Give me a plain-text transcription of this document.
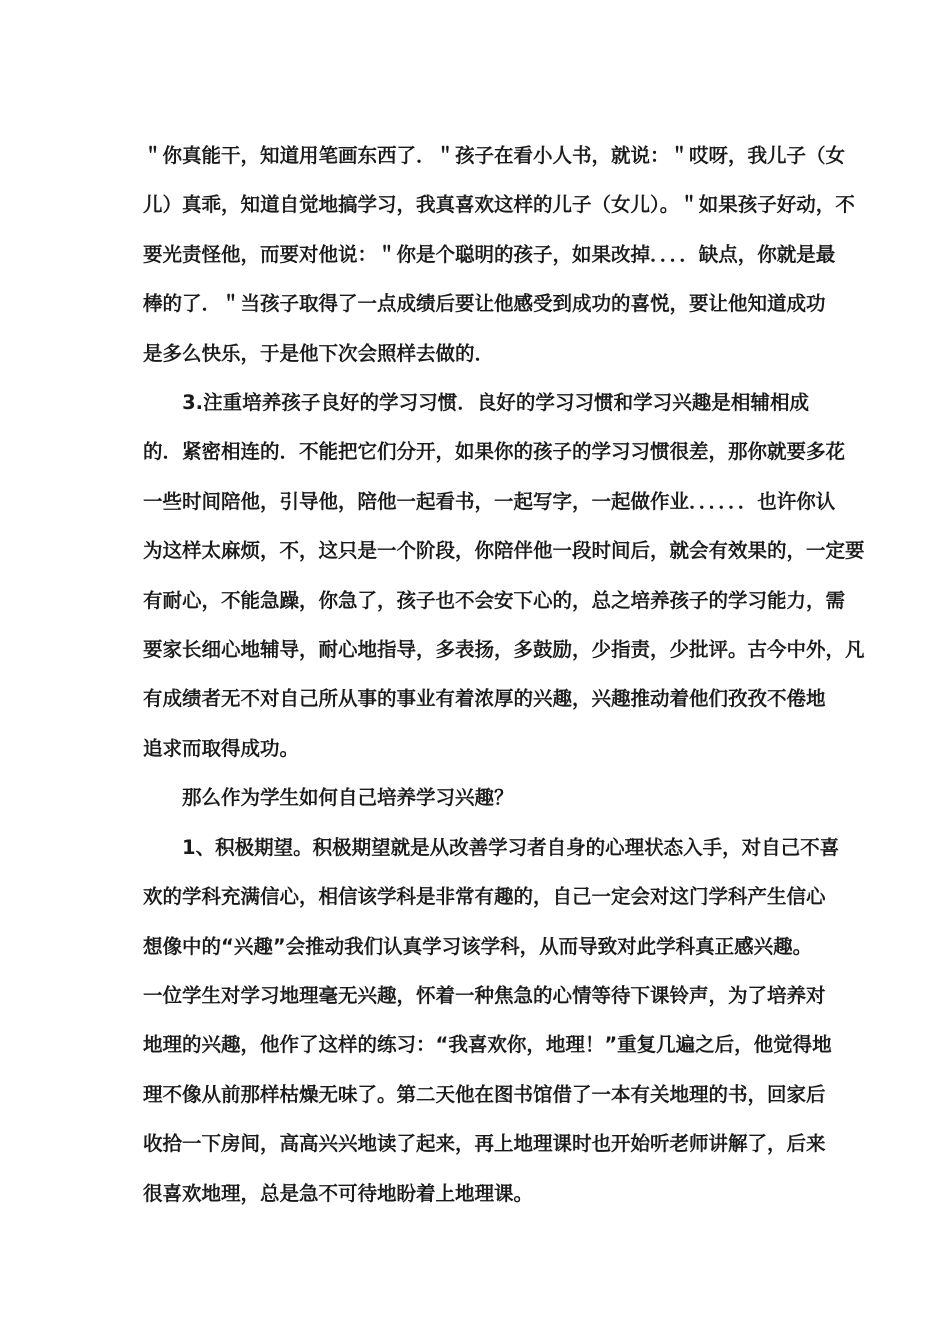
＂你真能干，知道用笔画东西了．＂孩子在看小人书，就说：＂哎呀，我儿子（女
儿）真乖，知道自觉地搞学习，我真喜欢这样的儿子（女儿）。＂如果孩子好动，不
要光责怪他，而要对他说：＂你是个聪明的孩子，如果改掉．．．．缺点，你就是最
棒的了．＂当孩子取得了一点成绩后要让他感受到成功的喜悦，要让他知道成功
是多么快乐，于是他下次会照样去做的．
　　3.注重培养孩子良好的学习习惯．良好的学习习惯和学习兴趣是相辅相成
的．紧密相连的．不能把它们分开，如果你的孩子的学习习惯很差，那你就要多花
一些时间陪他，引导他，陪他一起看书，一起写字，一起做作业．．．．．．也许你认
为这样太麻烦，不，这只是一个阶段，你陪伴他一段时间后，就会有效果的，一定要
有耐心，不能急躁，你急了，孩子也不会安下心的，总之培养孩子的学习能力，需
要家长细心地辅导，耐心地指导，多表扬，多鼓励，少指责，少批评。古今中外，凡
有成绩者无不对自己所从事的事业有着浓厚的兴趣，兴趣推动着他们孜孜不倦地
追求而取得成功。
　　那么作为学生如何自己培养学习兴趣？
　　1、积极期望。积极期望就是从改善学习者自身的心理状态入手，对自己不喜
欢的学科充满信心，相信该学科是非常有趣的，自己一定会对这门学科产生信心
想像中的“兴趣”会推动我们认真学习该学科，从而导致对此学科真正感兴趣。
一位学生对学习地理毫无兴趣，怀着一种焦急的心情等待下课铃声，为了培养对
地理的兴趣，他作了这样的练习：“我喜欢你，地理！”重复几遍之后，他觉得地
理不像从前那样枯燥无味了。第二天他在图书馆借了一本有关地理的书，回家后
收拾一下房间，高高兴兴地读了起来，再上地理课时也开始听老师讲解了，后来
很喜欢地理，总是急不可待地盼着上地理课。
